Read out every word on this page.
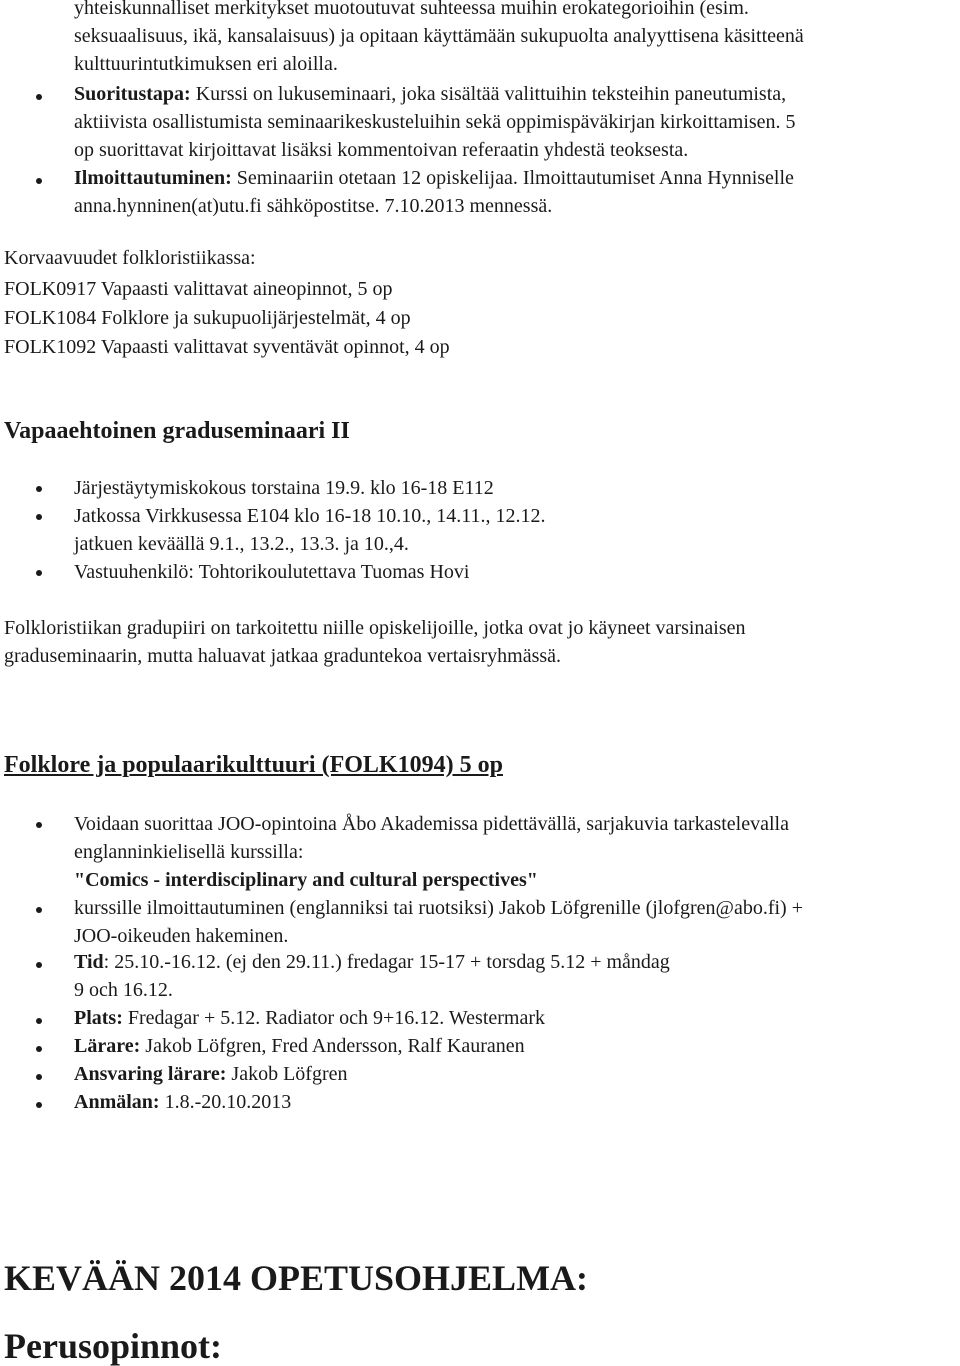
yhteiskunnalliset merkitykset muotoutuvat suhteessa muihin erokategorioihin (esim.
seksuaalisuus, ikä, kansalaisuus) ja opitaan käyttämään sukupuolta analyyttisena käsitteenä
kulttuurintutkimuksen eri aloilla.
Suoritustapa: Kurssi on lukuseminaari, joka sisältää valittuihin teksteihin paneutumista,
aktiivista osallistumista seminaarikeskusteluihin sekä oppimispäväkirjan kirkoittamisen. 5
op suorittavat kirjoittavat lisäksi kommentoivan referaatin yhdestä teoksesta.
Ilmoittautuminen: Seminaariin otetaan 12 opiskelijaa. Ilmoittautumiset Anna Hynniselle
anna.hynninen(at)utu.fi sähköpostitse. 7.10.2013 mennessä.
Korvaavuudet folkloristiikassa:
FOLK0917 Vapaasti valittavat aineopinnot, 5 op
FOLK1084 Folklore ja sukupuolijärjestelmät, 4 op
FOLK1092 Vapaasti valittavat syventävät opinnot, 4 op
Vapaaehtoinen graduseminaari II
Järjestäytymiskokous torstaina 19.9. klo 16-18 E112
Jatkossa Virkkusessa E104 klo 16-18 10.10., 14.11., 12.12.
jatkuen keväällä 9.1., 13.2., 13.3. ja 10.,4.
Vastuuhenkilö: Tohtorikoulutettava Tuomas Hovi
Folkloristiikan gradupiiri on tarkoitettu niille opiskelijoille, jotka ovat jo käyneet varsinaisen
graduseminaarin, mutta haluavat jatkaa graduntekoa vertaisryhmässä.
Folklore ja populaarikulttuuri (FOLK1094) 5 op
Voidaan suorittaa JOO-opintoina Åbo Akademissa pidettävällä, sarjakuvia tarkastelevalla
englanninkielisellä kurssilla:
"Comics - interdisciplinary and cultural perspectives"
kurssille ilmoittautuminen (englanniksi tai ruotsiksi) Jakob Löfgrenille (jlofgren@abo.fi) +
JOO-oikeuden hakeminen.
Tid: 25.10.-16.12. (ej den 29.11.) fredagar 15-17 + torsdag 5.12 + måndag
9 och 16.12.
Plats: Fredagar + 5.12. Radiator och 9+16.12. Westermark
Lärare: Jakob Löfgren, Fred Andersson, Ralf Kauranen
Ansvaring lärare: Jakob Löfgren
Anmälan: 1.8.-20.10.2013
KEVÄÄN 2014 OPETUSOHJELMA:
Perusopinnot:
